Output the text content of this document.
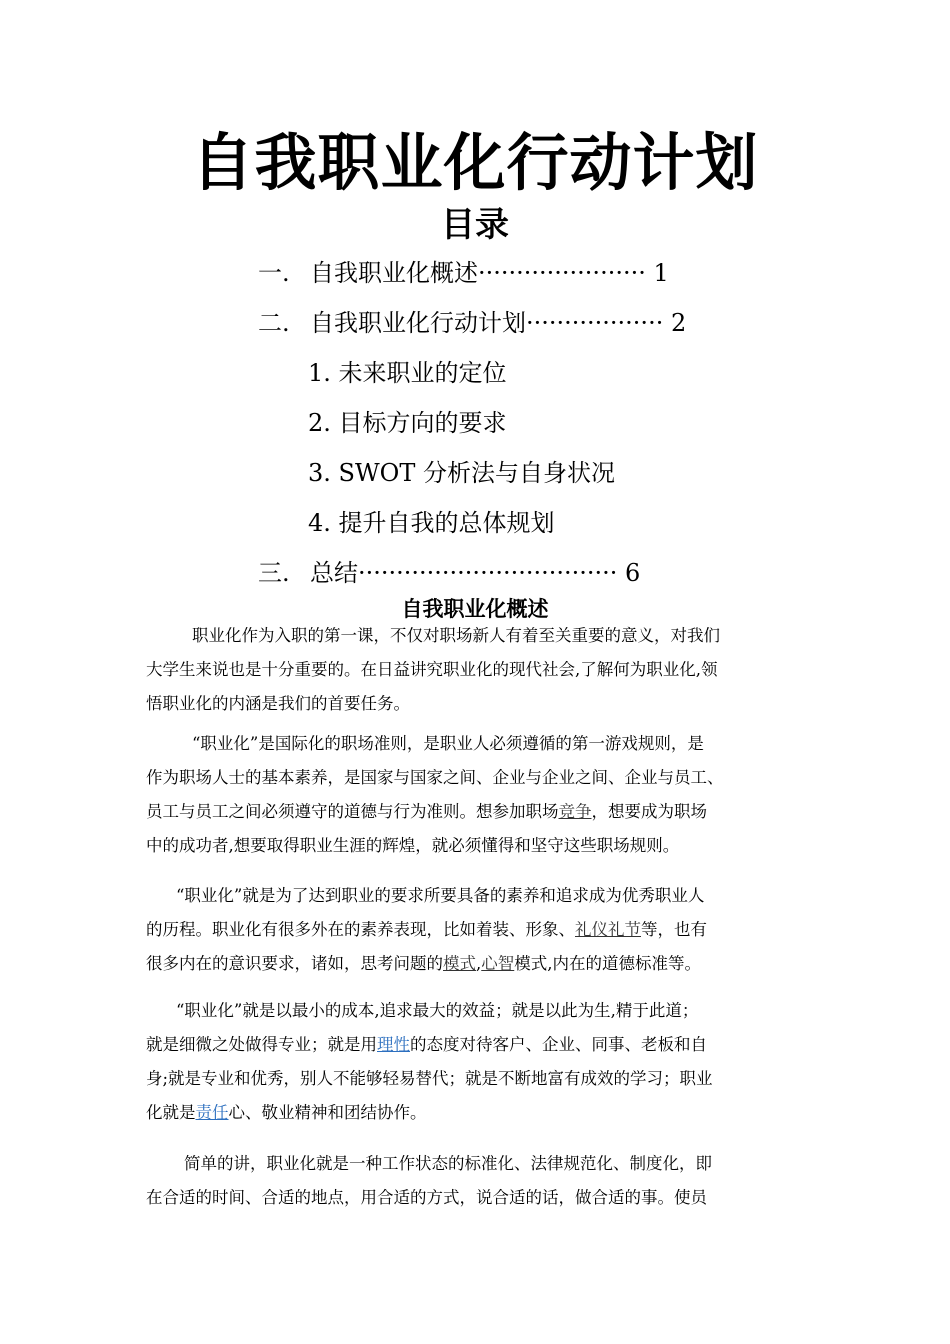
自我职业化行动计划
目录
一. 自我职业化概述······················ 1
二. 自我职业化行动计划·················· 2
1. 未来职业的定位
2. 目标方向的要求
3. SWOT 分析法与自身状况
4. 提升自我的总体规划
三. 总结·································· 6
自我职业化概述

职业化作为入职的第一课，不仅对职场新人有着至关重要的意义，对我们

大学生来说也是十分重要的。在日益讲究职业化的现代社会,了解何为职业化,领

悟职业化的内涵是我们的首要任务。

“职业化”是国际化的职场准则，是职业人必须遵循的第一游戏规则，是

作为职场人士的基本素养，是国家与国家之间、企业与企业之间、企业与员工、

员工与员工之间必须遵守的道德与行为准则。想参加职场竞争，想要成为职场

中的成功者,想要取得职业生涯的辉煌，就必须懂得和坚守这些职场规则。

“职业化”就是为了达到职业的要求所要具备的素养和追求成为优秀职业人

的历程。职业化有很多外在的素养表现，比如着装、形象、礼仪礼节等，也有

很多内在的意识要求，诸如，思考问题的模式,心智模式,内在的道德标准等。

“职业化”就是以最小的成本,追求最大的效益；就是以此为生,精于此道；

就是细微之处做得专业；就是用理性的态度对待客户、企业、同事、老板和自

身;就是专业和优秀，别人不能够轻易替代；就是不断地富有成效的学习；职业

化就是责任心、敬业精神和团结协作。

简单的讲，职业化就是一种工作状态的标准化、法律规范化、制度化，即

在合适的时间、合适的地点，用合适的方式，说合适的话，做合适的事。使员
